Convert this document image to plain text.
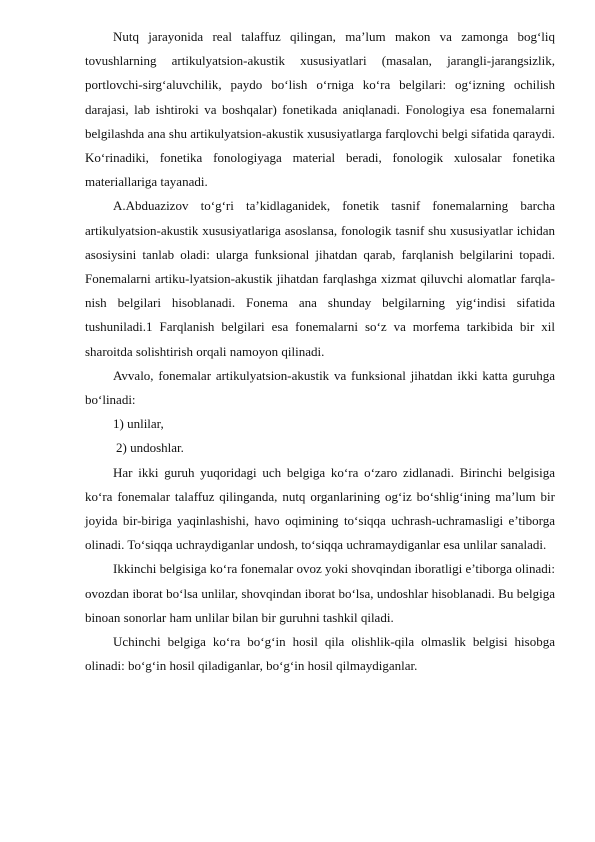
Nutq jarayonida real talaffuz qilingan, ma’lum makon va zamonga bog‘liq tovushlarning artikulyatsion-akustik xususiyatlari (masalan, jarangli-jarangsizlik, portlovchi-sirg‘aluvchilik, paydo bo‘lish o‘rniga ko‘ra belgilari: og‘izning ochilish darajasi, lab ishtiroki va boshqalar) fonetikada aniqlanadi. Fonologiya esa fonemalarni belgilashda ana shu artikulyatsion-akustik xususiyatlarga farqlovchi belgi sifatida qaraydi. Ko‘rinadiki, fonetika fonologiyaga material beradi, fonologik xulosalar fonetika materiallariga tayanadi.

A.Abduazizov to‘g‘ri ta’kidlaganidek, fonetik tasnif fonemalarning barcha artikulyatsion-akustik xususiyatlariga asoslansa, fonologik tasnif shu xususiyatlar ichidan asosiysini tanlab oladi: ularga funksional jihatdan qarab, farqlanish belgilarini topadi. Fonemalarni artiku-lyatsion-akustik jihatdan farqlashga xizmat qiluvchi alomatlar farqla-nish belgilari hisoblanadi. Fonema ana shunday belgilarning yig‘indisi sifatida tushuniladi.1 Farqlanish belgilari esa fonemalarni so‘z va morfema tarkibida bir xil sharoitda solishtirish orqali namoyon qilinadi.

Avvalo, fonemalar artikulyatsion-akustik va funksional jihatdan ikki katta guruhga bo‘linadi:

1) unlilar,

2) undoshlar.

Har ikki guruh yuqoridagi uch belgiga ko‘ra o‘zaro zidlanadi. Birinchi belgisiga ko‘ra fonemalar talaffuz qilinganda, nutq organlarining og‘iz bo‘shlig‘ining ma’lum bir joyida bir-biriga yaqinlashishi, havo oqimining to‘siqqa uchrash-uchramasligi e’tiborga olinadi. To‘siqqa uchraydiganlar undosh, to‘siqqa uchramaydiganlar esa unlilar sanaladi.

Ikkinchi belgisiga ko‘ra fonemalar ovoz yoki shovqindan iboratligi e’tiborga olinadi: ovozdan iborat bo‘lsa unlilar, shovqindan iborat bo‘lsa, undoshlar hisoblanadi. Bu belgiga binoan sonorlar ham unlilar bilan bir guruhni tashkil qiladi.

Uchinchi belgiga ko‘ra bo‘g‘in hosil qila olishlik-qila olmaslik belgisi hisobga olinadi: bo‘g‘in hosil qiladiganlar, bo‘g‘in hosil qilmaydiganlar.
